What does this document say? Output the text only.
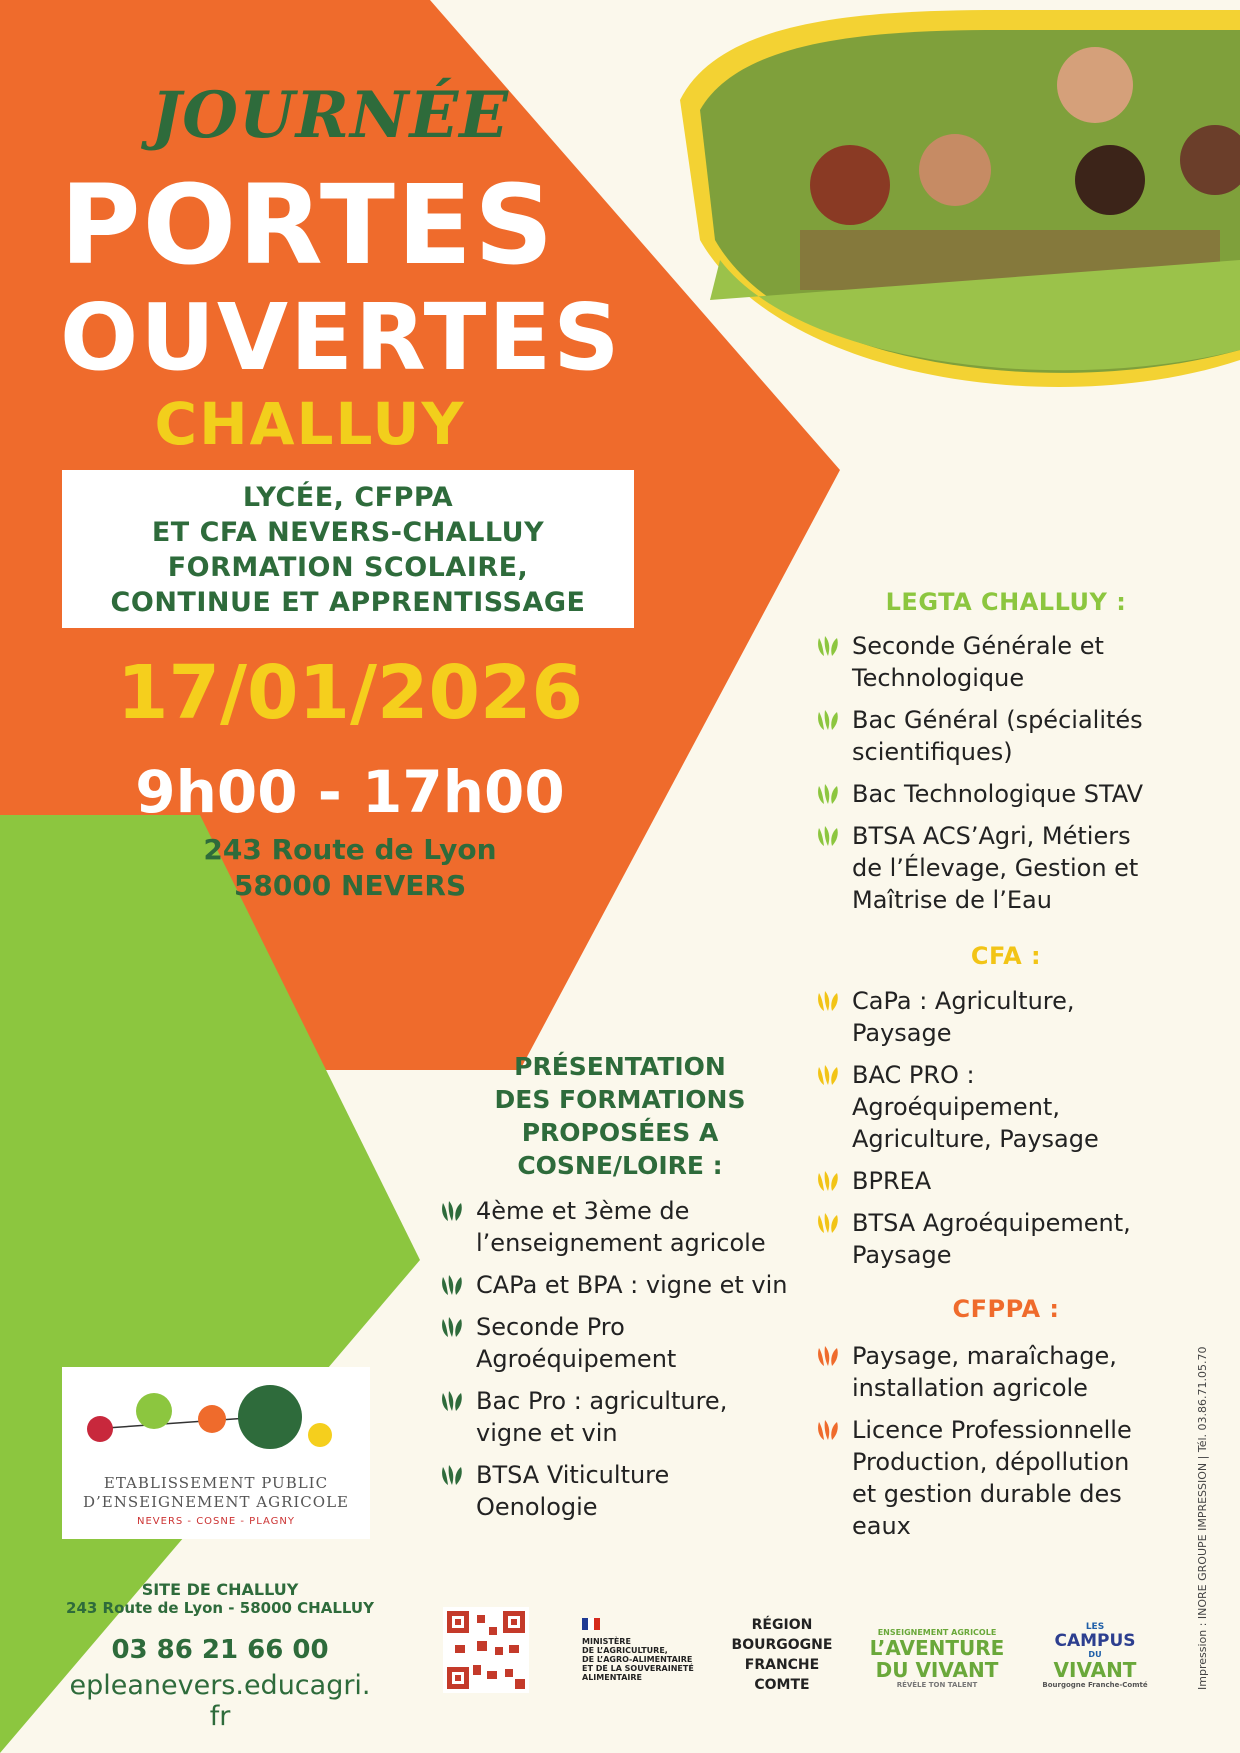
JOURNÉE
PORTES
OUVERTES
CHALLUY
LYCÉE, CFPPA
ET CFA NEVERS-CHALLUY
FORMATION SCOLAIRE,
CONTINUE ET APPRENTISSAGE
17/01/2026
9h00 - 17h00
243 Route de Lyon
58000 NEVERS
LEGTA CHALLUY :
Seconde Générale et
Technologique
Bac Général (spécialités
scientifiques)
Bac Technologique STAV
BTSA ACS’Agri, Métiers
de l’Élevage, Gestion et
Maîtrise de l’Eau
CFA :
CaPa : Agriculture,
Paysage
BAC PRO :
Agroéquipement,
Agriculture, Paysage
BPREA
BTSA Agroéquipement,
Paysage
CFPPA :
Paysage, maraîchage,
installation agricole
Licence Professionnelle
Production, dépollution
et gestion durable des
eaux
PRÉSENTATION
DES FORMATIONS
PROPOSÉES A
COSNE/LOIRE :
4ème et 3ème de
l’enseignement agricole
CAPa et BPA : vigne et vin
Seconde Pro
Agroéquipement
Bac Pro : agriculture,
vigne et vin
BTSA Viticulture
Oenologie
ETABLISSEMENT PUBLIC
D’ENSEIGNEMENT AGRICOLE
NEVERS - COSNE - PLAGNY
SITE DE CHALLUY
243 Route de Lyon - 58000 CHALLUY
03 86 21 66 00
epleanevers.educagri. fr
MINISTÈRE
DE L’AGRICULTURE,
DE L’AGRO-ALIMENTAIRE
ET DE LA SOUVERAINETÉ
ALIMENTAIRE
RÉGION
BOURGOGNE
FRANCHE
COMTE
ENSEIGNEMENT AGRICOLE
L’AVENTURE
DU VIVANT
RÉVÈLE TON TALENT
LES
CAMPUS
DU
VIVANT
Bourgogne Franche-Comté	Impression : INORE GROUPE IMPRESSION | Tél. 03.86.71.05.70
